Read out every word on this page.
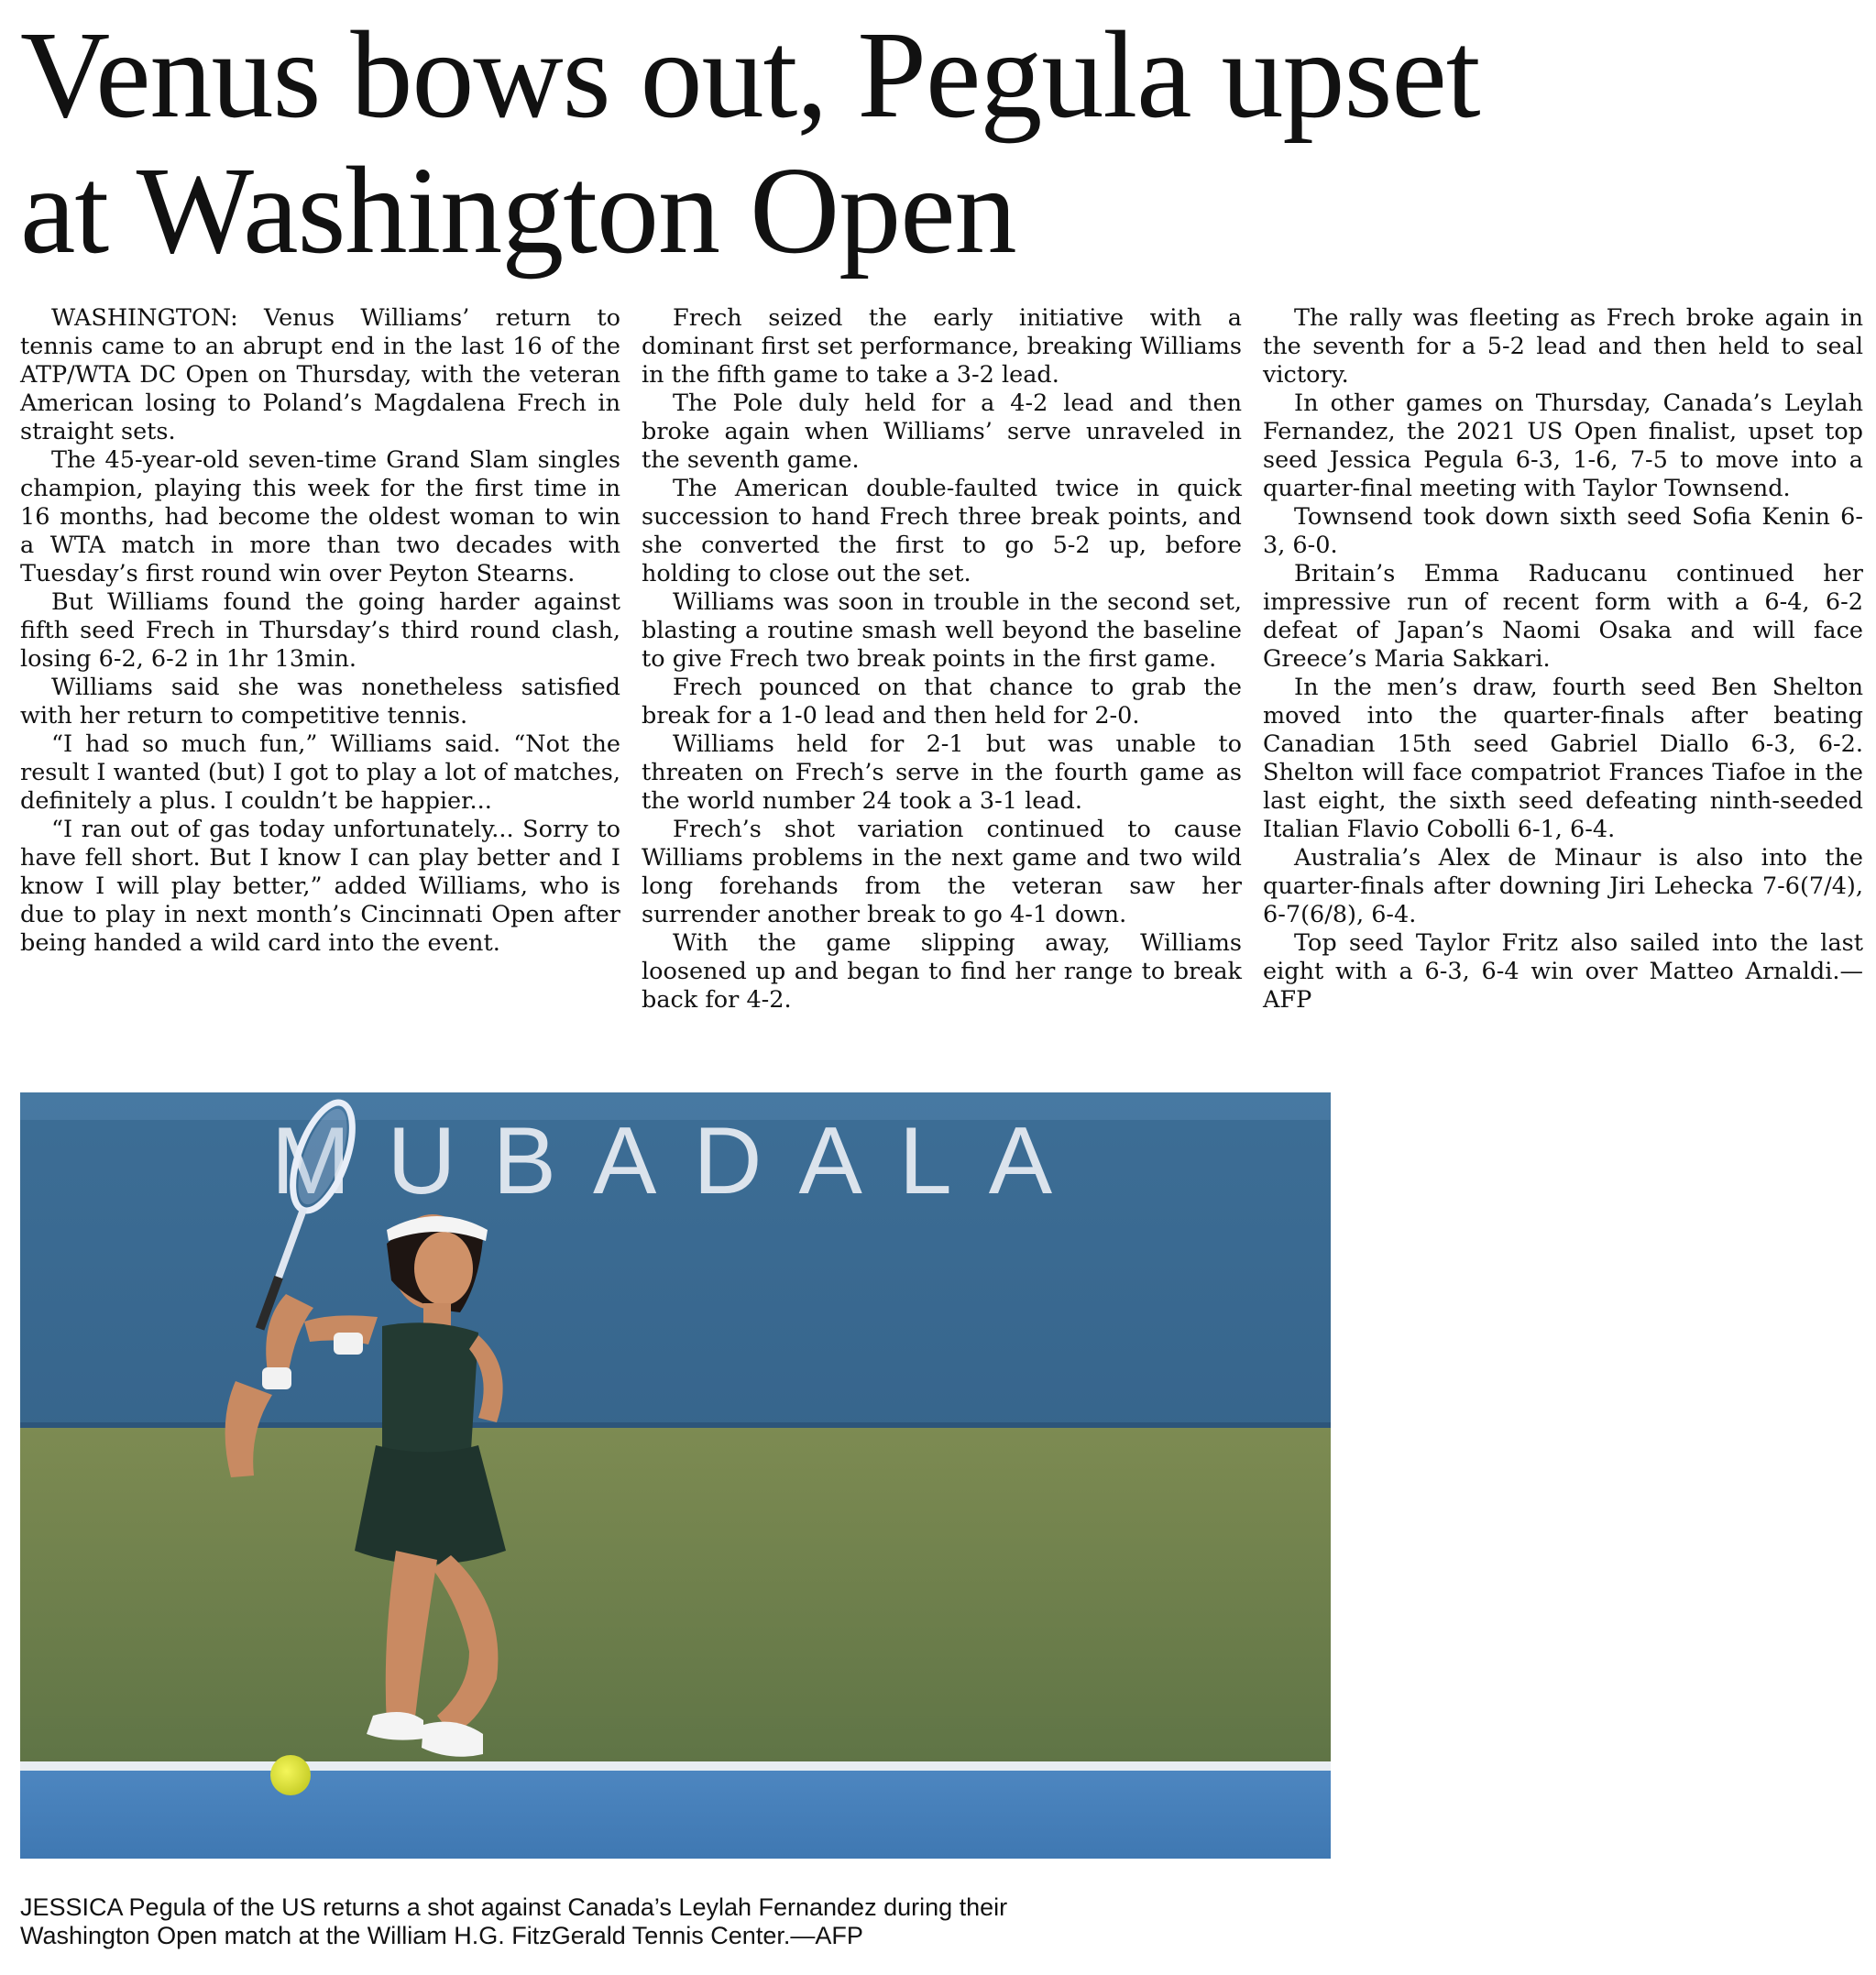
Venus bows out, Pegula upset
at Washington Open

WASHINGTON: Venus Williams’ return to tennis came to an abrupt end in the last 16 of the ATP/WTA DC Open on Thursday, with the veteran American losing to Poland’s Magdalena Frech in straight sets.

The 45-year-old seven-time Grand Slam singles champion, playing this week for the first time in 16 months, had become the oldest woman to win a WTA match in more than two decades with Tuesday’s first round win over Peyton Stearns.

But Williams found the going harder against fifth seed Frech in Thursday’s third round clash, losing 6-2, 6-2 in 1hr 13min.

Williams said she was nonetheless satisfied with her return to competitive tennis.

“I had so much fun,” Williams said. “Not the result I wanted (but) I got to play a lot of matches, definitely a plus. I couldn’t be happier...

“I ran out of gas today unfortunately... Sorry to have fell short. But I know I can play better and I know I will play better,” added Williams, who is due to play in next month’s Cincinnati Open after being handed a wild card into the event.

Frech seized the early initiative with a dominant first set performance, breaking Williams in the fifth game to take a 3-2 lead.

The Pole duly held for a 4-2 lead and then broke again when Williams’ serve unraveled in the seventh game.

The American double-faulted twice in quick succession to hand Frech three break points, and she converted the first to go 5-2 up, before holding to close out the set.

Williams was soon in trouble in the second set, blasting a routine smash well beyond the baseline to give Frech two break points in the first game.

Frech pounced on that chance to grab the break for a 1-0 lead and then held for 2-0.

Williams held for 2-1 but was unable to threaten on Frech’s serve in the fourth game as the world number 24 took a 3-1 lead.

Frech’s shot variation continued to cause Williams problems in the next game and two wild long forehands from the veteran saw her surrender another break to go 4-1 down.

With the game slipping away, Williams loosened up and began to find her range to break back for 4-2.

The rally was fleeting as Frech broke again in the seventh for a 5-2 lead and then held to seal victory.

In other games on Thursday, Canada’s Leylah Fernandez, the 2021 US Open finalist, upset top seed Jessica Pegula 6-3, 1-6, 7-5 to move into a quarter-final meeting with Taylor Townsend.

Townsend took down sixth seed Sofia Kenin 6-3, 6-0.

Britain’s Emma Raducanu continued her impressive run of recent form with a 6-4, 6-2 defeat of Japan’s Naomi Osaka and will face Greece’s Maria Sakkari.

In the men’s draw, fourth seed Ben Shelton moved into the quarter-finals after beating Canadian 15th seed Gabriel Diallo 6-3, 6-2. Shelton will face compatriot Frances Tiafoe in the last eight, the sixth seed defeating ninth-seeded Italian Flavio Cobolli 6-1, 6-4.

Australia’s Alex de Minaur is also into the quarter-finals after downing Jiri Lehecka 7-6(7/4), 6-7(6/8), 6-4.

Top seed Taylor Fritz also sailed into the last eight with a 6-3, 6-4 win over Matteo Arnaldi.—AFP

MUBADALA
JESSICA Pegula of the US returns a shot against Canada’s Leylah Fernandez during their
Washington Open match at the William H.G. FitzGerald Tennis Center.—AFP
